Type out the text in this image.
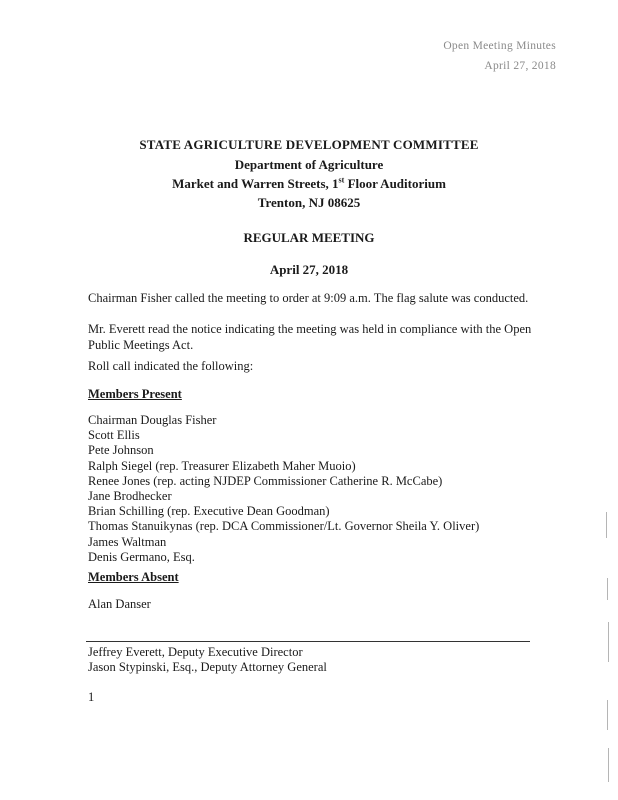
Open Meeting Minutes
April 27, 2018
STATE AGRICULTURE DEVELOPMENT COMMITTEE
Department of Agriculture
Market and Warren Streets, 1st Floor Auditorium
Trenton, NJ 08625
REGULAR MEETING
April 27, 2018
Chairman Fisher called the meeting to order at 9:09 a.m. The flag salute was conducted.
Mr. Everett read the notice indicating the meeting was held in compliance with the Open Public Meetings Act.
Roll call indicated the following:
Members Present
Chairman Douglas Fisher
Scott Ellis
Pete Johnson
Ralph Siegel (rep. Treasurer Elizabeth Maher Muoio)
Renee Jones (rep. acting NJDEP Commissioner Catherine R. McCabe)
Jane Brodhecker
Brian Schilling (rep. Executive Dean Goodman)
Thomas Stanuikynas (rep. DCA Commissioner/Lt. Governor Sheila Y. Oliver)
James Waltman
Denis Germano, Esq.
Members Absent
Alan Danser
Jeffrey Everett, Deputy Executive Director
Jason Stypinski, Esq., Deputy Attorney General
1
